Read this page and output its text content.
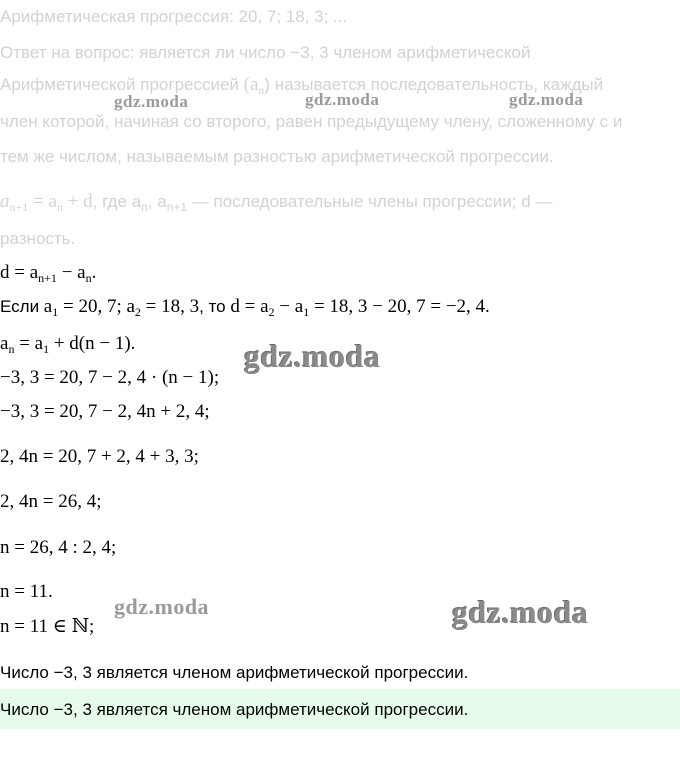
Арифметическая прогрессия: 20, 7; 18, 3; ...
Ответ на вопрос: является ли число −3, 3 членом арифметической
Арифметической прогрессией $(a_n)$ называется последовательность, каждый
член которой, начиная со второго, равен предыдущему члену, сложенному с и
тем же числом, называемым разностью арифметической прогрессии.
$a_{n+1} = a_n + d$, где $a_n$, $a_{n+1}$ — последовательные члены прогрессии; d —
разность.
$d = a_{n+1} - a_n$.
Если $a_1 = 20$, 7; $a_2 = 18$, 3, то $d = a_2 - a_1 = 18$, 3 − 20, 7 = −2, 4.
$a_n = a_1 + d(n - 1)$.
−3, 3 = 20, 7 − 2, 4 · (n − 1);
−3, 3 = 20, 7 − 2, 4n + 2, 4;
2, 4n = 20, 7 + 2, 4 + 3, 3;
2, 4n = 26, 4;
n = 26, 4 : 2, 4;
n = 11.
n = 11 ∈ ℕ;
Число −3, 3 является членом арифметической прогрессии.
Число −3, 3 является членом арифметической прогрессии.
gdz.moda	gdz.moda	gdz.moda
gdz.moda
gdz.moda	gdz.moda
